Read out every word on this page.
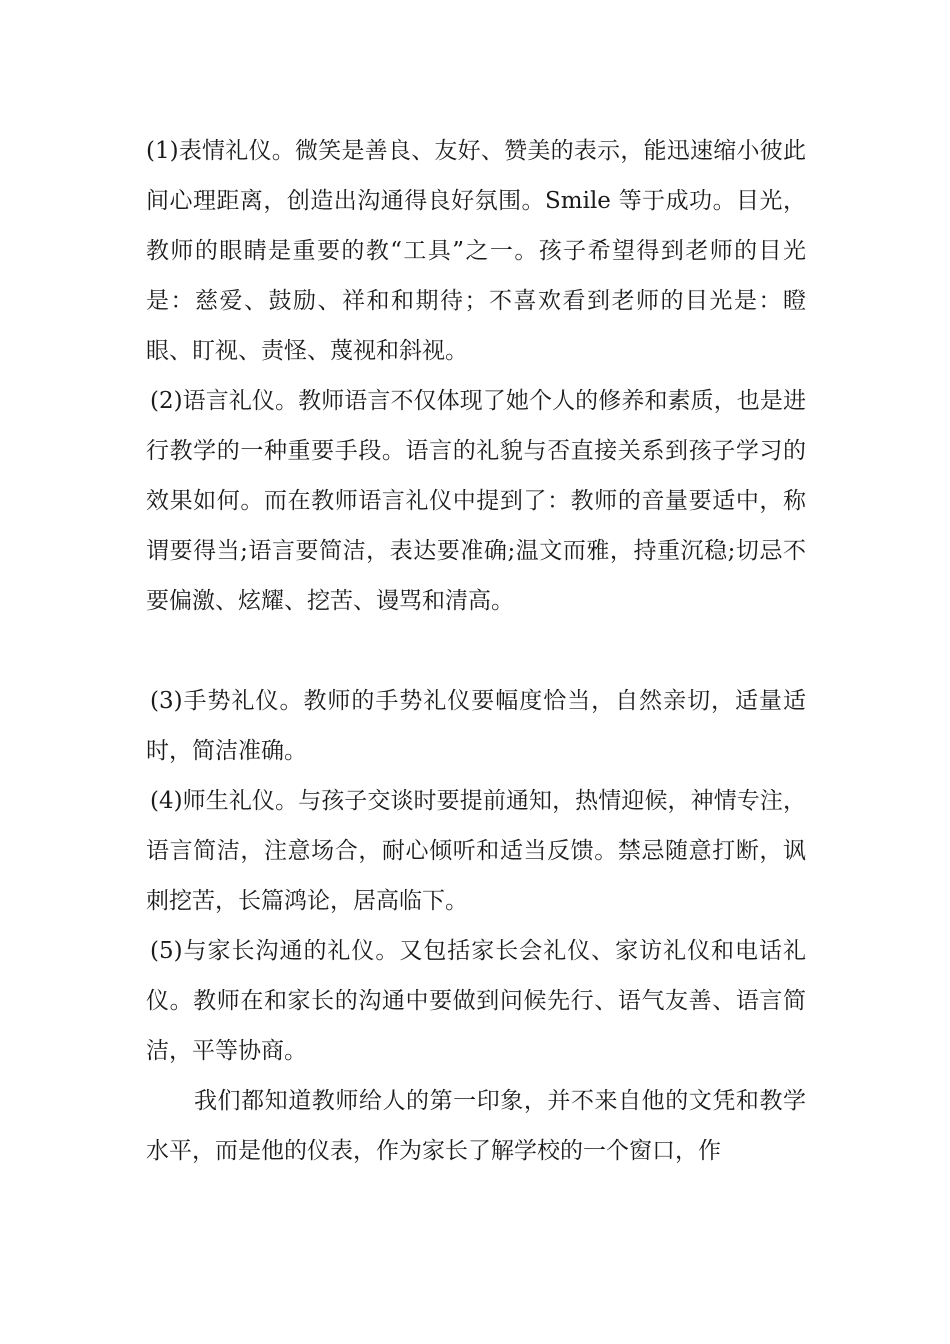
(1)表情礼仪。微笑是善良、友好、赞美的表示，能迅速缩小彼此间心理距离，创造出沟通得良好氛围。Smile 等于成功。目光，教师的眼睛是重要的教“工具”之一。孩子希望得到老师的目光是：慈爱、鼓励、祥和和期待；不喜欢看到老师的目光是：瞪眼、盯视、责怪、蔑视和斜视。

(2)语言礼仪。教师语言不仅体现了她个人的修养和素质，也是进行教学的一种重要手段。语言的礼貌与否直接关系到孩子学习的效果如何。而在教师语言礼仪中提到了：教师的音量要适中，称谓要得当;语言要简洁，表达要准确;温文而雅，持重沉稳;切忌不要偏激、炫耀、挖苦、谩骂和清高。

(3)手势礼仪。教师的手势礼仪要幅度恰当，自然亲切，适量适时，简洁准确。

(4)师生礼仪。与孩子交谈时要提前通知，热情迎候，神情专注，语言简洁，注意场合，耐心倾听和适当反馈。禁忌随意打断，讽刺挖苦，长篇鸿论，居高临下。

(5)与家长沟通的礼仪。又包括家长会礼仪、家访礼仪和电话礼仪。教师在和家长的沟通中要做到问候先行、语气友善、语言简洁，平等协商。

我们都知道教师给人的第一印象，并不来自他的文凭和教学水平，而是他的仪表，作为家长了解学校的一个窗口，作
